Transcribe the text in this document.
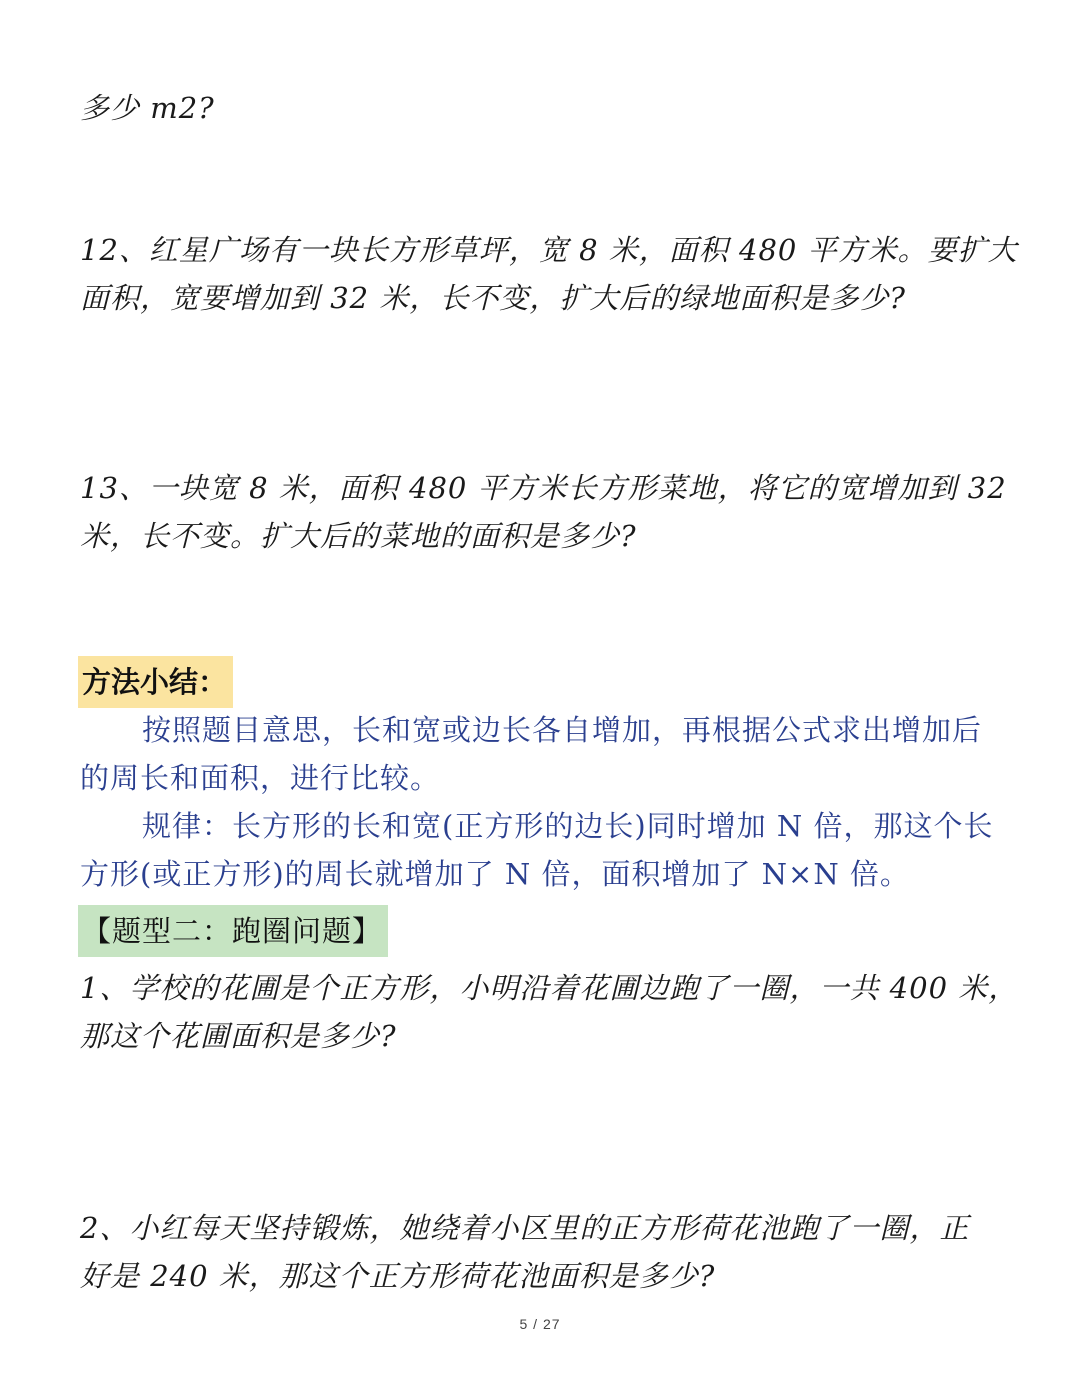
多少 m2?

12、红星广场有一块长方形草坪，宽 8 米，面积 480 平方米。要扩大
面积，宽要增加到 32 米，长不变，扩大后的绿地面积是多少?

13、一块宽 8 米，面积 480 平方米长方形菜地，将它的宽增加到 32
米，长不变。扩大后的菜地的面积是多少?

方法小结：

按照题目意思，长和宽或边长各自增加，再根据公式求出增加后
的周长和面积，进行比较。

规律：长方形的长和宽(正方形的边长)同时增加 N 倍，那这个长
方形(或正方形)的周长就增加了 N 倍，面积增加了 N×N 倍。

【题型二：跑圈问题】

1、学校的花圃是个正方形，小明沿着花圃边跑了一圈，一共 400 米，
那这个花圃面积是多少?

2、小红每天坚持锻炼，她绕着小区里的正方形荷花池跑了一圈，正
好是 240 米，那这个正方形荷花池面积是多少?

5 / 27
